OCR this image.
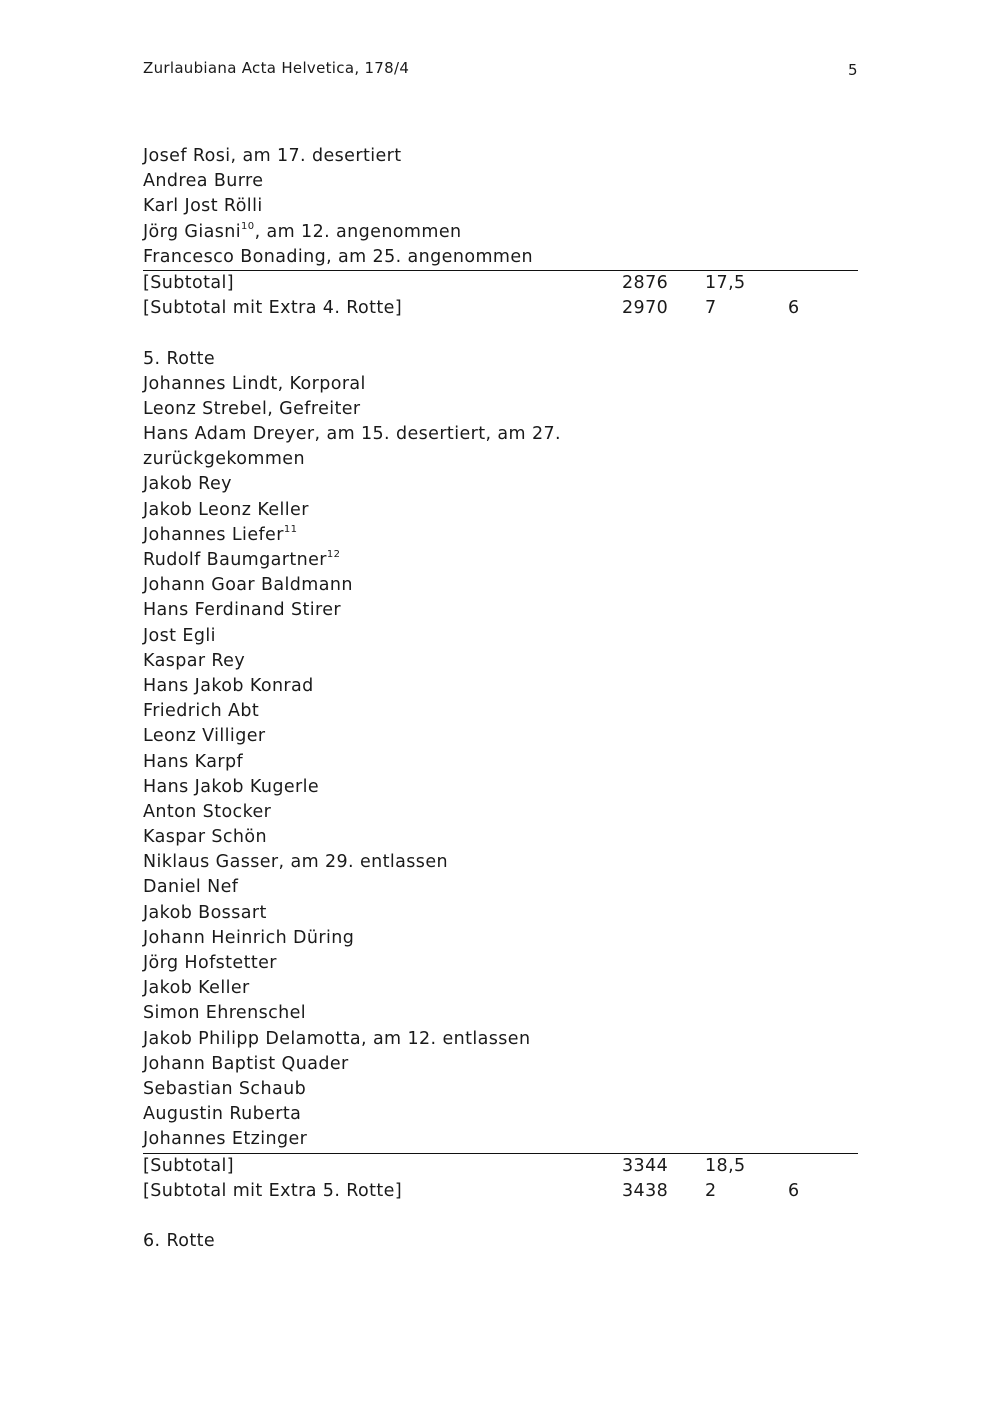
Zurlaubiana Acta Helvetica, 178/4	5
Josef Rosi, am 17. desertiert
Andrea Burre
Karl Jost Rölli
Jörg Giasni$^{10}$, am 12. angenommen
Francesco Bonading, am 25. angenommen
[Subtotal]	2876 17,5
[Subtotal mit Extra 4. Rotte]	2970 7	6
5. Rotte
Johannes Lindt, Korporal
Leonz Strebel, Gefreiter
Hans Adam Dreyer, am 15. desertiert, am 27.
zurückgekommen
Jakob Rey
Jakob Leonz Keller
Johannes Liefer$^{11}$
Rudolf Baumgartner$^{12}$
Johann Goar Baldmann
Hans Ferdinand Stirer
Jost Egli
Kaspar Rey
Hans Jakob Konrad
Friedrich Abt
Leonz Villiger
Hans Karpf
Hans Jakob Kugerle
Anton Stocker
Kaspar Schön
Niklaus Gasser, am 29. entlassen
Daniel Nef
Jakob Bossart
Johann Heinrich Düring
Jörg Hofstetter
Jakob Keller
Simon Ehrenschel
Jakob Philipp Delamotta, am 12. entlassen
Johann Baptist Quader
Sebastian Schaub
Augustin Ruberta
Johannes Etzinger
[Subtotal]	3344 18,5
[Subtotal mit Extra 5. Rotte]	3438 2	6
6. Rotte
